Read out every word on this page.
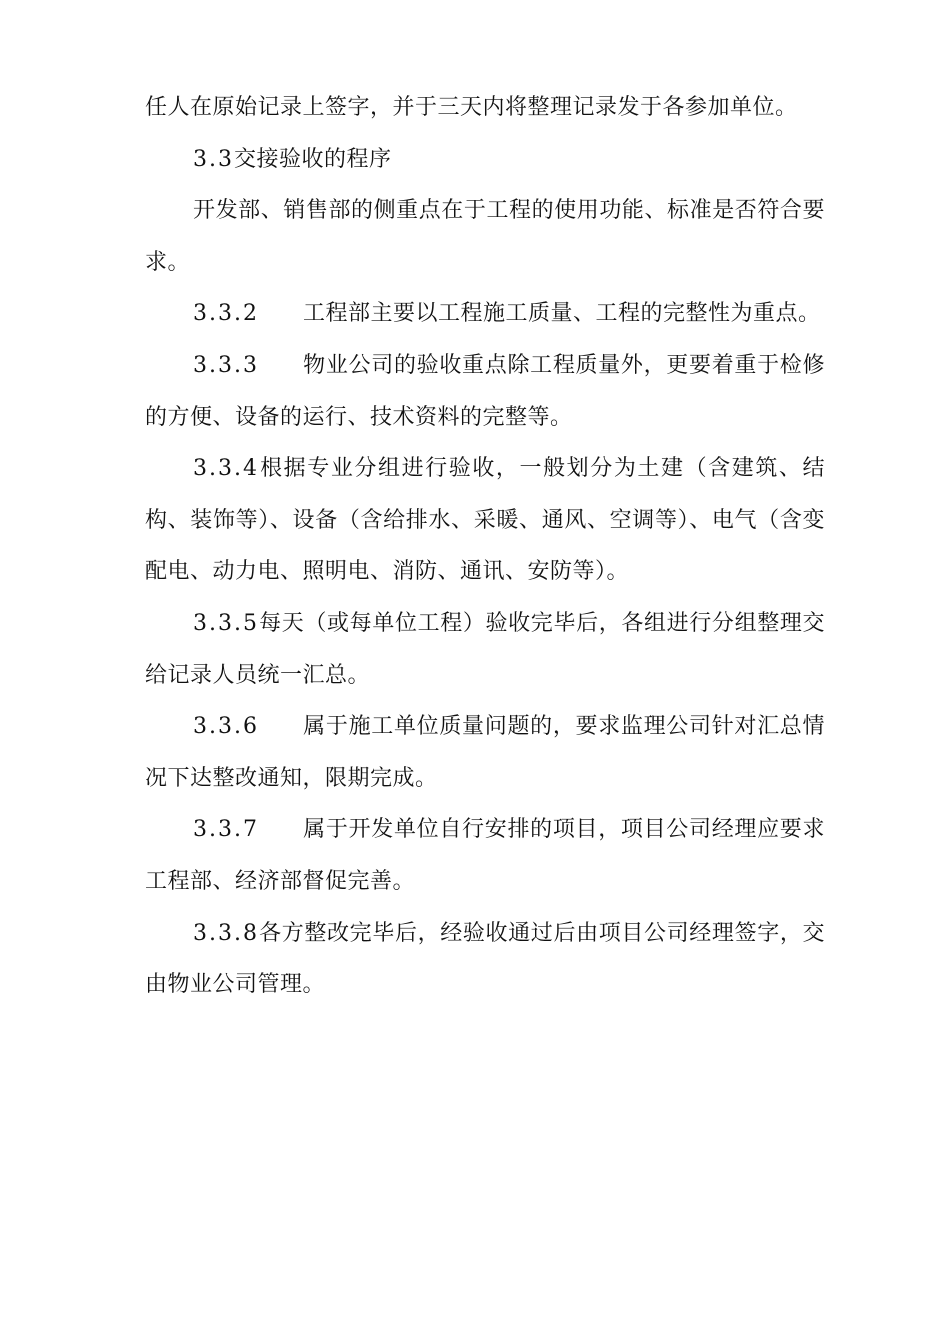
任人在原始记录上签字，并于三天内将整理记录发于各参加单位。

3.3交接验收的程序

开发部、销售部的侧重点在于工程的使用功能、标准是否符合要求。

3.3.2 工程部主要以工程施工质量、工程的完整性为重点。

3.3.3 物业公司的验收重点除工程质量外，更要着重于检修的方便、设备的运行、技术资料的完整等。

3.3.4根据专业分组进行验收，一般划分为土建（含建筑、结构、装饰等）、设备（含给排水、采暖、通风、空调等）、电气（含变配电、动力电、照明电、消防、通讯、安防等）。

3.3.5每天（或每单位工程）验收完毕后，各组进行分组整理交给记录人员统一汇总。

3.3.6 属于施工单位质量问题的，要求监理公司针对汇总情况下达整改通知，限期完成。

3.3.7 属于开发单位自行安排的项目，项目公司经理应要求工程部、经济部督促完善。

3.3.8各方整改完毕后，经验收通过后由项目公司经理签字，交由物业公司管理。
